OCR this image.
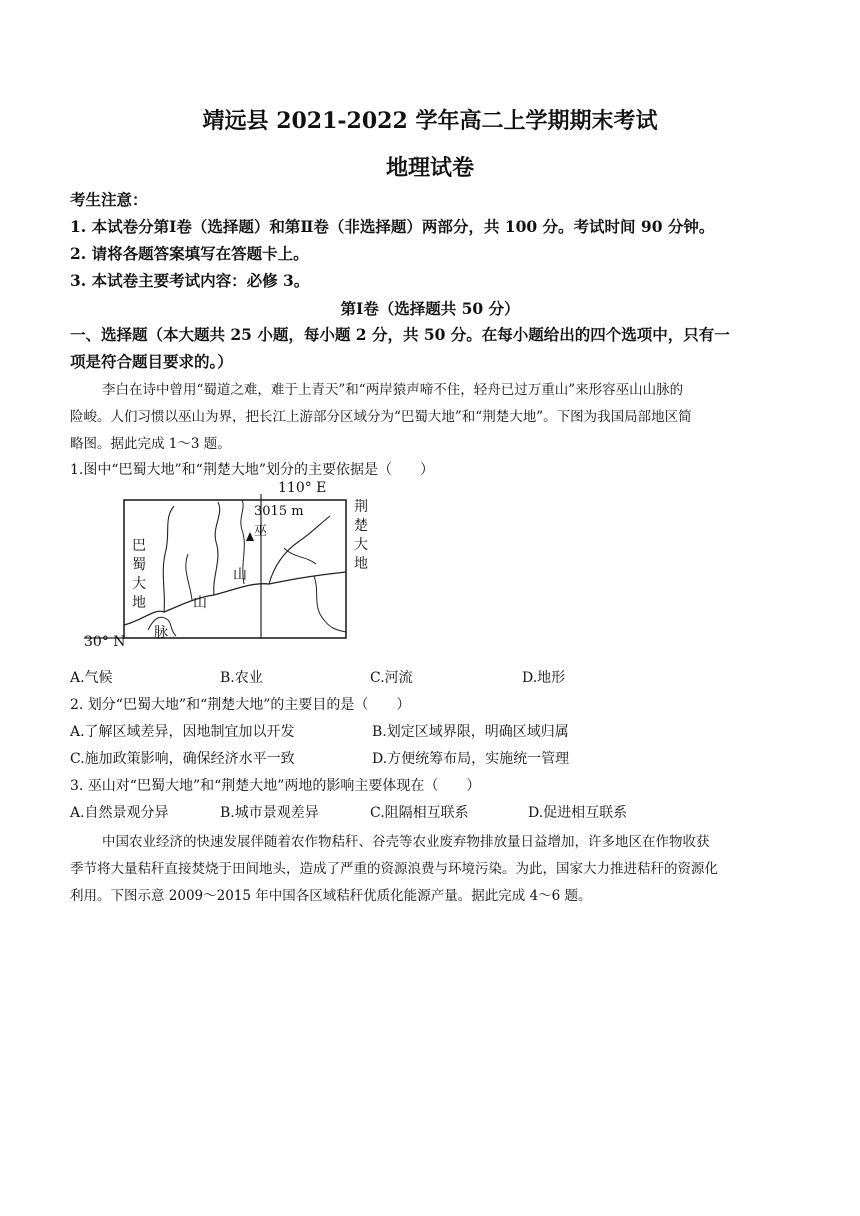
靖远县 2021-2022 学年高二上学期期末考试
地理试卷
考生注意：
1. 本试卷分第Ⅰ卷（选择题）和第Ⅱ卷（非选择题）两部分，共 100 分。考试时间 90 分钟。
2. 请将各题答案填写在答题卡上。
3. 本试卷主要考试内容：必修 3。
第Ⅰ卷（选择题共 50 分）
一、选择题（本大题共 25 小题，每小题 2 分，共 50 分。在每小题给出的四个选项中，只有一
项是符合题目要求的。）
李白在诗中曾用“蜀道之难，难于上青天”和“两岸猿声啼不住，轻舟已过万重山”来形容巫山山脉的
险峻。人们习惯以巫山为界，把长江上游部分区域分为“巴蜀大地”和“荆楚大地”。下图为我国局部地区简
略图。据此完成 1～3 题。
1.图中“巴蜀大地”和“荆楚大地”划分的主要依据是（　　）
110° E
30° N
3015 m
巫
山
山
脉
巴
蜀
大
地
荆
楚
大
地
A.气候	B.农业	C.河流	D.地形
2. 划分“巴蜀大地”和“荆楚大地”的主要目的是（　　）
A.了解区域差异，因地制宜加以开发	B.划定区域界限，明确区域归属
C.施加政策影响，确保经济水平一致	D.方便统筹布局，实施统一管理
3. 巫山对“巴蜀大地”和“荆楚大地”两地的影响主要体现在（　　）
A.自然景观分异	B.城市景观差异	C.阻隔相互联系	D.促进相互联系
中国农业经济的快速发展伴随着农作物秸秆、谷壳等农业废弃物排放量日益增加，许多地区在作物收获
季节将大量秸秆直接焚烧于田间地头，造成了严重的资源浪费与环境污染。为此，国家大力推进秸秆的资源化
利用。下图示意 2009～2015 年中国各区域秸秆优质化能源产量。据此完成 4～6 题。
